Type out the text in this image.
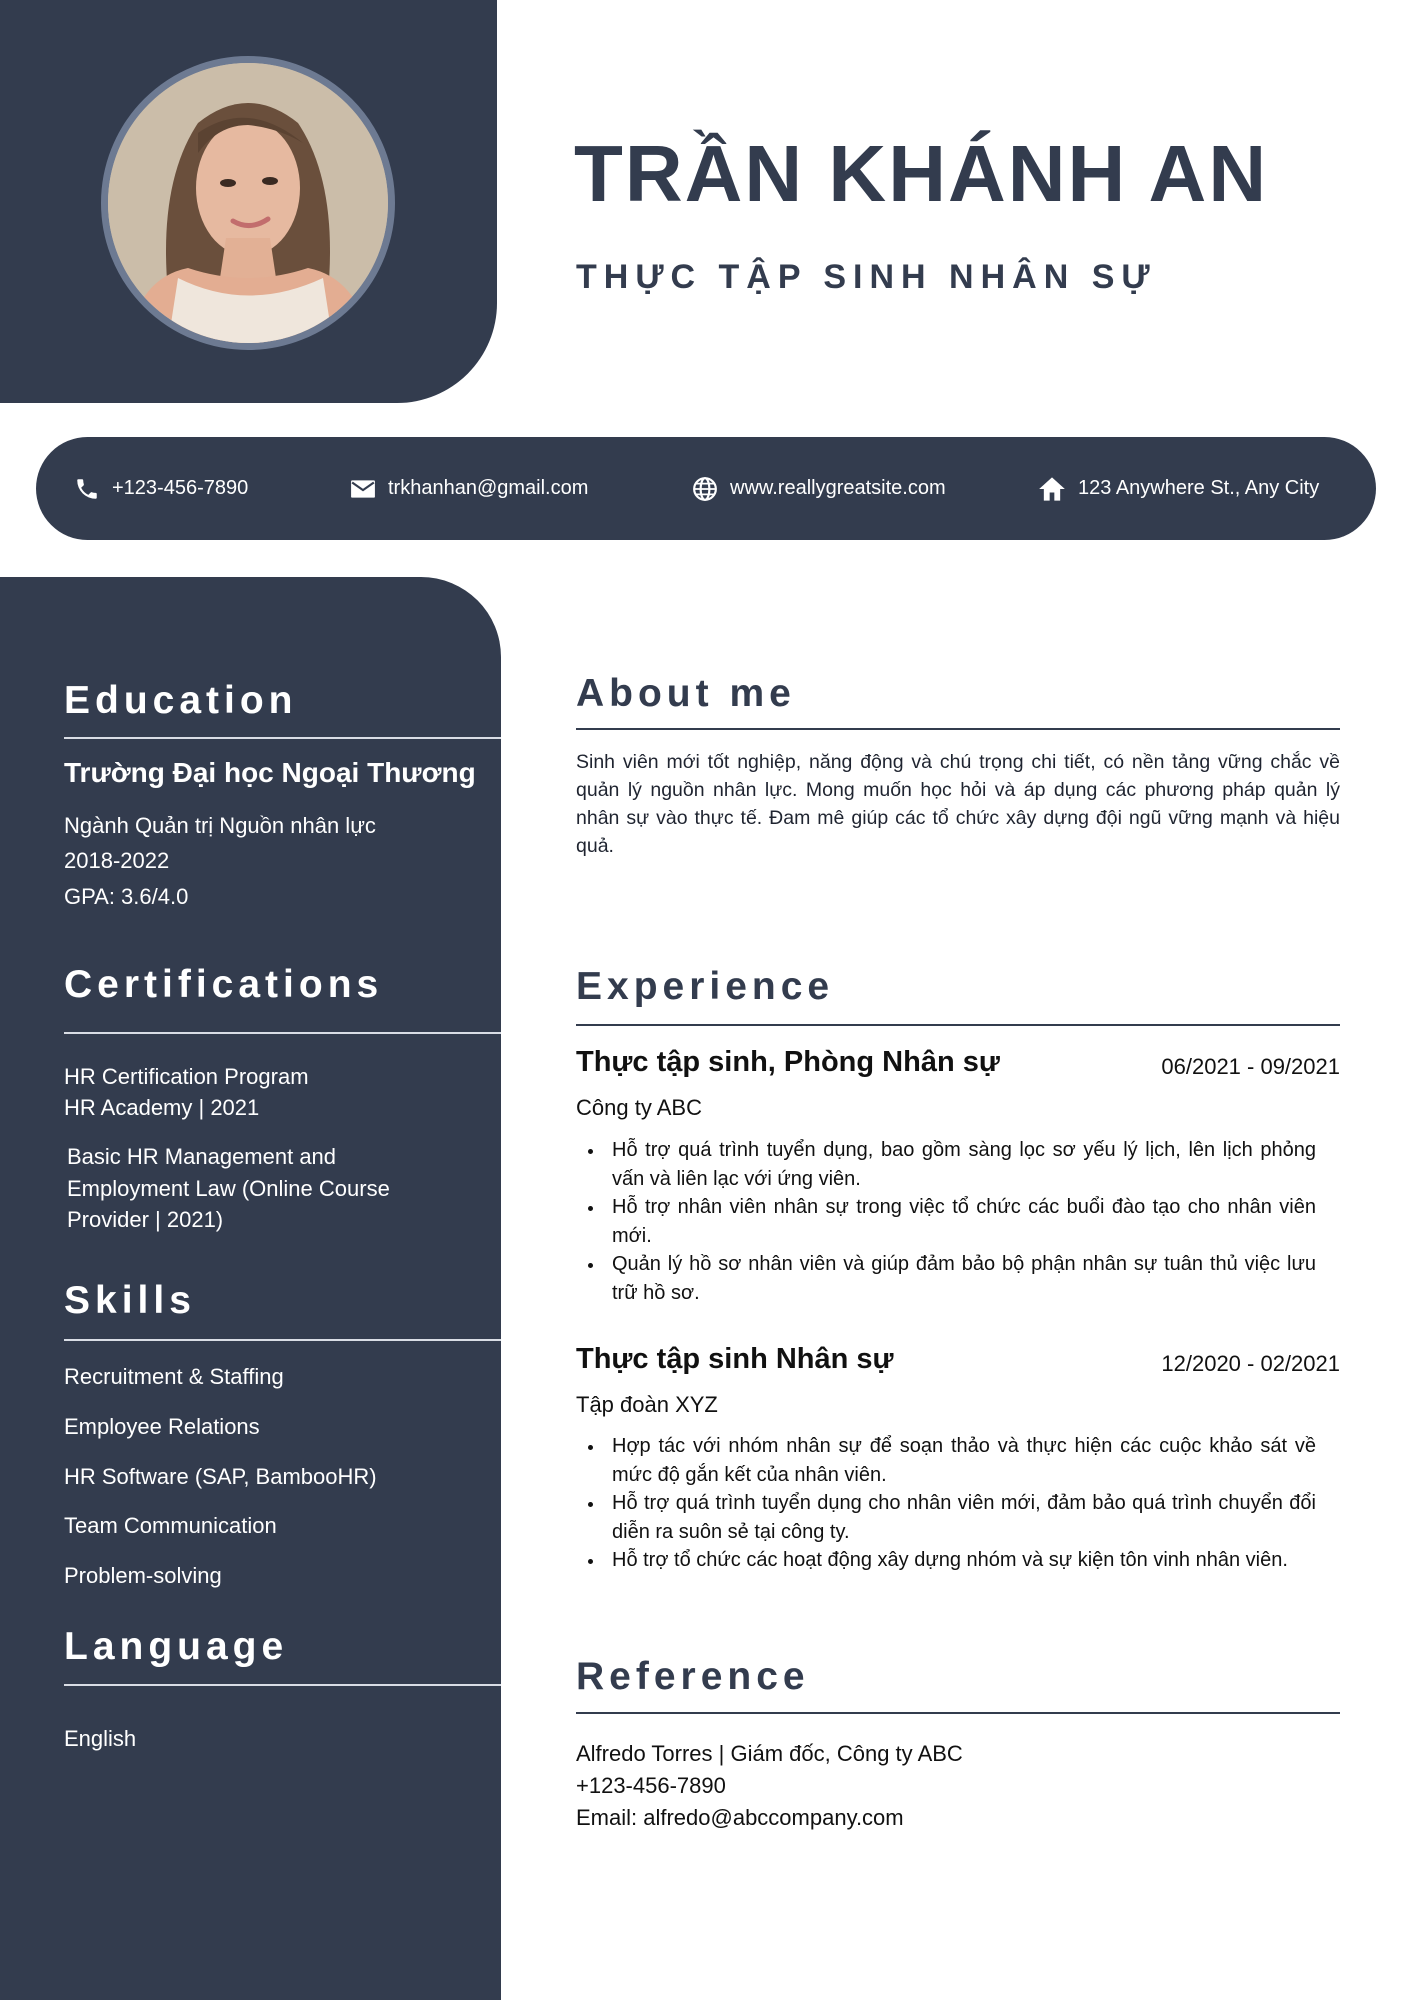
TRẦN KHÁNH AN
THỰC TẬP SINH NHÂN SỰ
+123-456-7890	trkhanhan@gmail.com	www.reallygreatsite.com	123 Anywhere St., Any City
Education
Trường Đại học Ngoại Thương
Ngành Quản trị Nguồn nhân lực
2018-2022
GPA: 3.6/4.0
Certifications
HR Certification Program
HR Academy | 2021
Basic HR Management and
Employment Law (Online Course
Provider | 2021)
Skills
Recruitment & Staffing
Employee Relations
HR Software (SAP, BambooHR)
Team Communication
Problem-solving
Language
English
About me
Sinh viên mới tốt nghiệp, năng động và chú trọng chi tiết, có nền tảng vững chắc về quản lý nguồn nhân lực. Mong muốn học hỏi và áp dụng các phương pháp quản lý nhân sự vào thực tế. Đam mê giúp các tổ chức xây dựng đội ngũ vững mạnh và hiệu quả.
Experience
Thực tập sinh, Phòng Nhân sự	06/2021 - 09/2021
Công ty ABC
Hỗ trợ quá trình tuyển dụng, bao gồm sàng lọc sơ yếu lý lịch, lên lịch phỏng vấn và liên lạc với ứng viên.
Hỗ trợ nhân viên nhân sự trong việc tổ chức các buổi đào tạo cho nhân viên mới.
Quản lý hồ sơ nhân viên và giúp đảm bảo bộ phận nhân sự tuân thủ việc lưu trữ hồ sơ.
Thực tập sinh Nhân sự	12/2020 - 02/2021
Tập đoàn XYZ
Hợp tác với nhóm nhân sự để soạn thảo và thực hiện các cuộc khảo sát về mức độ gắn kết của nhân viên.
Hỗ trợ quá trình tuyển dụng cho nhân viên mới, đảm bảo quá trình chuyển đổi diễn ra suôn sẻ tại công ty.
Hỗ trợ tổ chức các hoạt động xây dựng nhóm và sự kiện tôn vinh nhân viên.
Reference
Alfredo Torres | Giám đốc, Công ty ABC
+123-456-7890
Email: alfredo@abccompany.com
